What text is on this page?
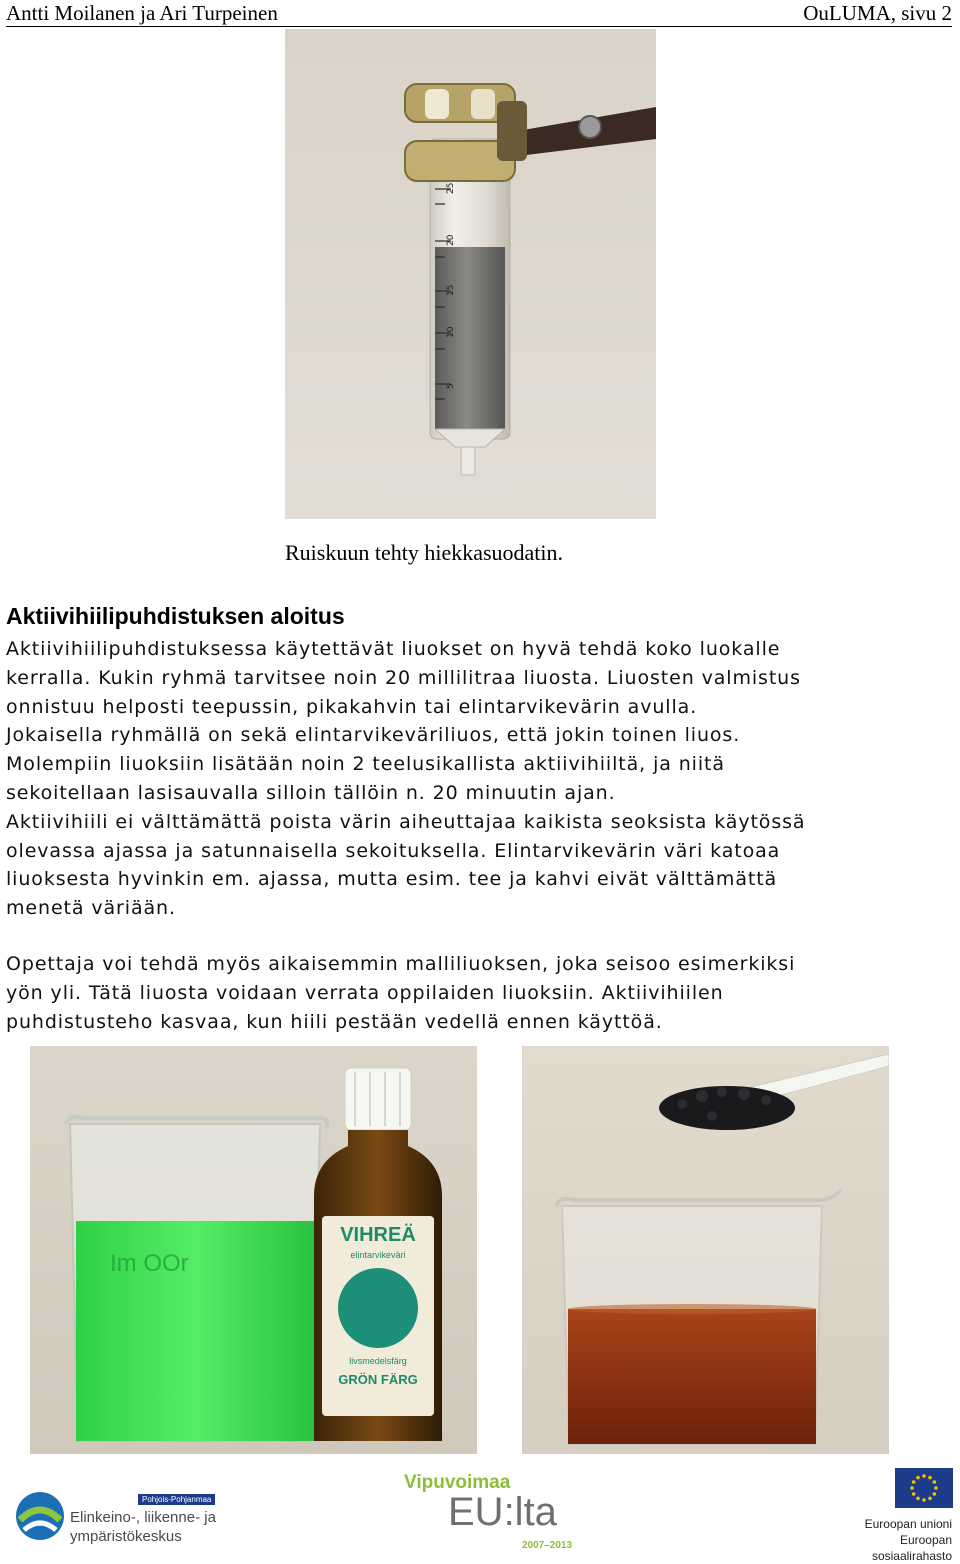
Antti Moilanen ja Ari Turpeinen	OuLUMA, sivu 2
25
20
15
10
5
Ruiskuun tehty hiekkasuodatin.
Aktiivihiilipuhdistuksen aloitus
Aktiivihiilipuhdistuksessa käytettävät liuokset on hyvä tehdä koko luokalle
kerralla. Kukin ryhmä tarvitsee noin 20 millilitraa liuosta. Liuosten valmistus
onnistuu helposti teepussin, pikakahvin tai elintarvikevärin avulla.
Jokaisella ryhmällä on sekä elintarvikeväriliuos, että jokin toinen liuos.
Molempiin liuoksiin lisätään noin 2 teelusikallista aktiivihiiltä, ja niitä
sekoitellaan lasisauvalla silloin tällöin n. 20 minuutin ajan.
Aktiivihiili ei välttämättä poista värin aiheuttajaa kaikista seoksista käytössä
olevassa ajassa ja satunnaisella sekoituksella. Elintarvikevärin väri katoaa
liuoksesta hyvinkin em. ajassa, mutta esim. tee ja kahvi eivät välttämättä
menetä väriään.
Opettaja voi tehdä myös aikaisemmin malliliuoksen, joka seisoo esimerkiksi
yön yli. Tätä liuosta voidaan verrata oppilaiden liuoksiin. Aktiivihiilen
puhdistusteho kasvaa, kun hiili pestään vedellä ennen käyttöä.
Im OOr
VIHREÄ
elintarvikeväri
livsmedelsfärg
GRÖN FÄRG
Pohjois-Pohjanmaa
Elinkeino-, liikenne- ja
ympäristökeskus
Vipuvoimaa
EU:lta
2007–2013
Euroopan unioni
Euroopan sosiaalirahasto
